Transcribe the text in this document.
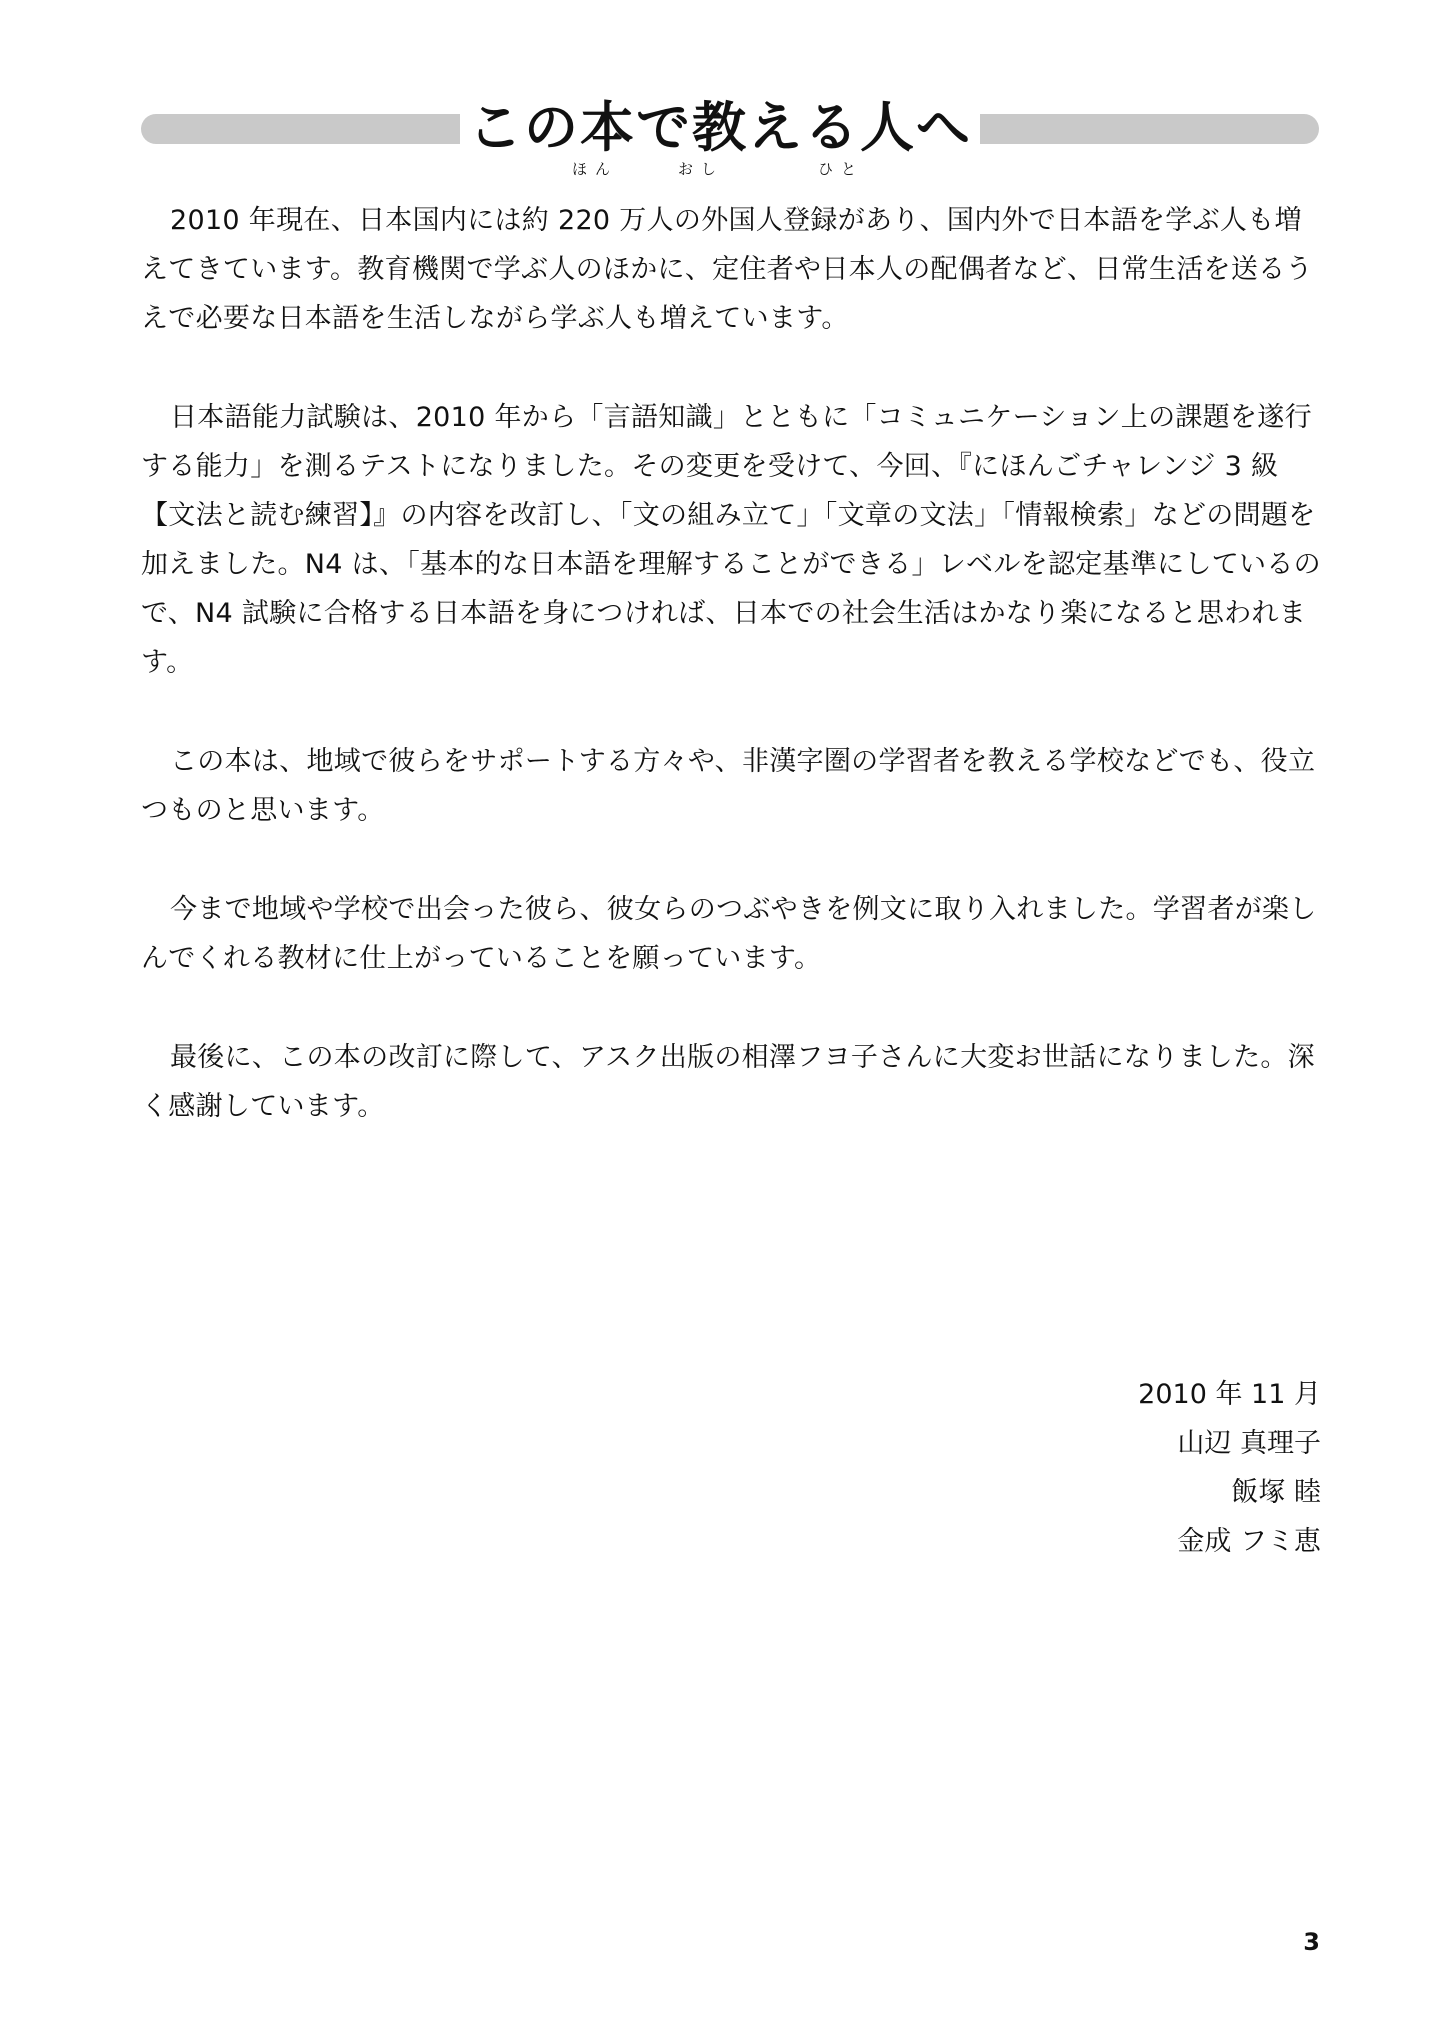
この本で教える人へ
ほん	おし	ひと

2010 年現在、日本国内には約 220 万人の外国人登録があり、国内外で日本語を学ぶ人も増えてきています。教育機関で学ぶ人のほかに、定住者や日本人の配偶者など、日常生活を送るうえで必要な日本語を生活しながら学ぶ人も増えています。

日本語能力試験は、2010 年から「言語知識」とともに「コミュニケーション上の課題を遂行する能力」を測るテストになりました。その変更を受けて、今回、『にほんごチャレンジ 3 級【文法と読む練習】』の内容を改訂し、「文の組み立て」「文章の文法」「情報検索」などの問題を加えました。N4 は、「基本的な日本語を理解することができる」レベルを認定基準にしているので、N4 試験に合格する日本語を身につければ、日本での社会生活はかなり楽になると思われます。

この本は、地域で彼らをサポートする方々や、非漢字圏の学習者を教える学校などでも、役立つものと思います。

今まで地域や学校で出会った彼ら、彼女らのつぶやきを例文に取り入れました。学習者が楽しんでくれる教材に仕上がっていることを願っています。

最後に、この本の改訂に際して、アスク出版の相澤フヨ子さんに大変お世話になりました。深く感謝しています。

2010 年 11 月

山辺 真理子

飯塚 睦

金成 フミ恵

3
